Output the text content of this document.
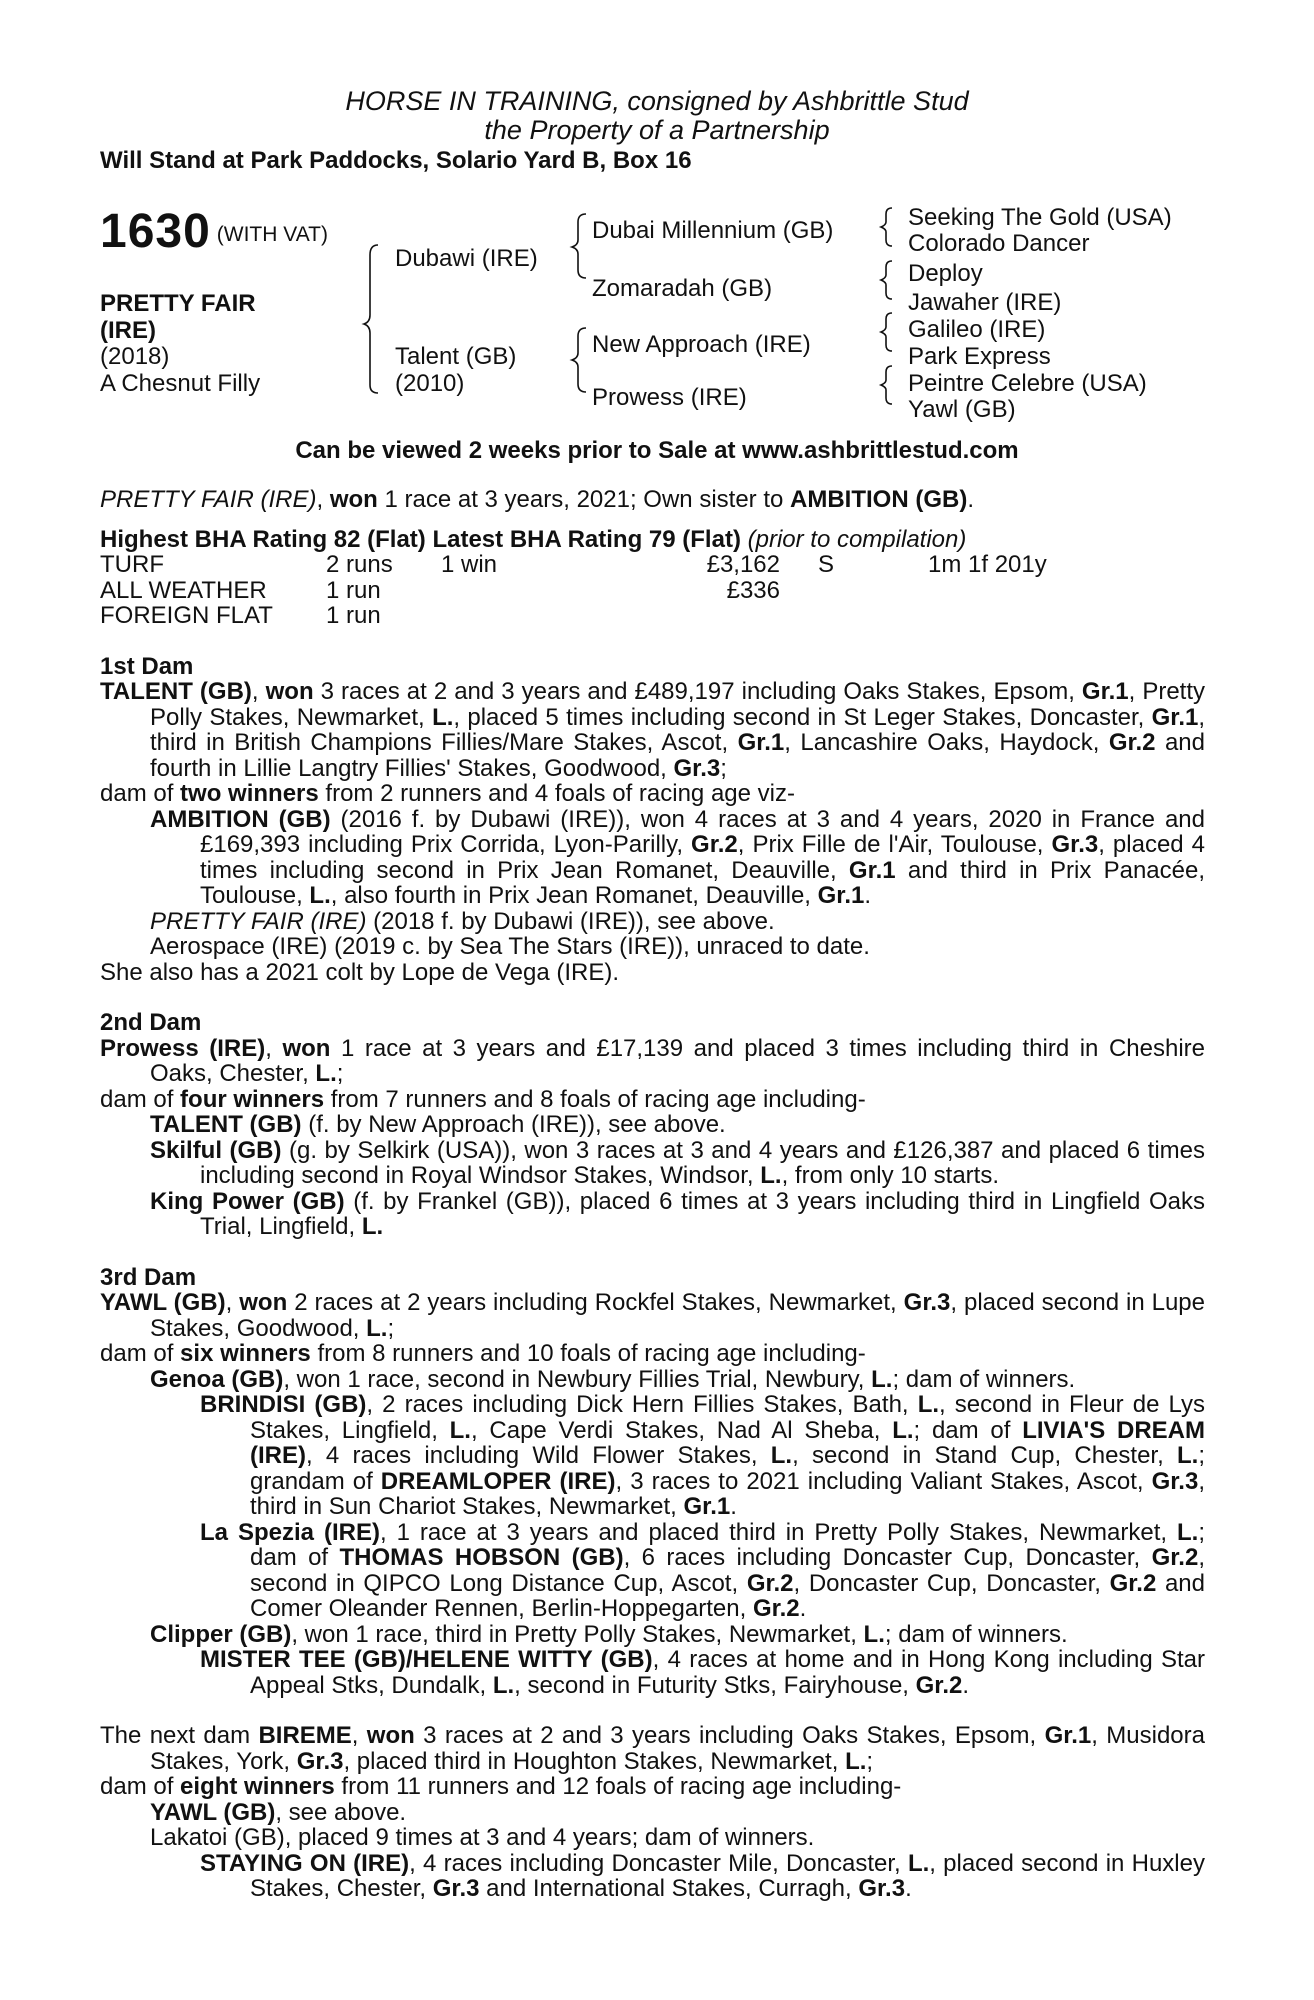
HORSE IN TRAINING, consigned by Ashbrittle Stud
the Property of a Partnership
Will Stand at Park Paddocks, Solario Yard B, Box 16
1630 (WITH VAT)
PRETTY FAIR
(IRE)
(2018)
A Chesnut Filly
Dubawi (IRE)
Talent (GB)
(2010)
Dubai Millennium (GB)
Zomaradah (GB)
New Approach (IRE)
Prowess (IRE)
Seeking The Gold (USA)
Colorado Dancer
Deploy
Jawaher (IRE)
Galileo (IRE)
Park Express
Peintre Celebre (USA)
Yawl (GB)
Can be viewed 2 weeks prior to Sale at www.ashbrittlestud.com

PRETTY FAIR (IRE), won 1 race at 3 years, 2021; Own sister to AMBITION (GB).

Highest BHA Rating 82 (Flat) Latest BHA Rating 79 (Flat) (prior to compilation)

TURF	2 runs	1 win	£3,162	S	1m 1f 201y
ALL WEATHER	1 run		£336		
FOREIGN FLAT	1 run				

1st Dam

TALENT (GB), won 3 races at 2 and 3 years and £489,197 including Oaks Stakes, Epsom, Gr.1, Pretty Polly Stakes, Newmarket, L., placed 5 times including second in St Leger Stakes, Doncaster, Gr.1, third in British Champions Fillies/Mare Stakes, Ascot, Gr.1, Lancashire Oaks, Haydock, Gr.2 and fourth in Lillie Langtry Fillies' Stakes, Goodwood, Gr.3;

dam of two winners from 2 runners and 4 foals of racing age viz-

AMBITION (GB) (2016 f. by Dubawi (IRE)), won 4 races at 3 and 4 years, 2020 in France and £169,393 including Prix Corrida, Lyon-Parilly, Gr.2, Prix Fille de l'Air, Toulouse, Gr.3, placed 4 times including second in Prix Jean Romanet, Deauville, Gr.1 and third in Prix Panacée, Toulouse, L., also fourth in Prix Jean Romanet, Deauville, Gr.1.

PRETTY FAIR (IRE) (2018 f. by Dubawi (IRE)), see above.

Aerospace (IRE) (2019 c. by Sea The Stars (IRE)), unraced to date.

She also has a 2021 colt by Lope de Vega (IRE).

2nd Dam

Prowess (IRE), won 1 race at 3 years and £17,139 and placed 3 times including third in Cheshire Oaks, Chester, L.;

dam of four winners from 7 runners and 8 foals of racing age including-

TALENT (GB) (f. by New Approach (IRE)), see above.

Skilful (GB) (g. by Selkirk (USA)), won 3 races at 3 and 4 years and £126,387 and placed 6 times including second in Royal Windsor Stakes, Windsor, L., from only 10 starts.

King Power (GB) (f. by Frankel (GB)), placed 6 times at 3 years including third in Lingfield Oaks Trial, Lingfield, L.

3rd Dam

YAWL (GB), won 2 races at 2 years including Rockfel Stakes, Newmarket, Gr.3, placed second in Lupe Stakes, Goodwood, L.;

dam of six winners from 8 runners and 10 foals of racing age including-

Genoa (GB), won 1 race, second in Newbury Fillies Trial, Newbury, L.; dam of winners.

BRINDISI (GB), 2 races including Dick Hern Fillies Stakes, Bath, L., second in Fleur de Lys Stakes, Lingfield, L., Cape Verdi Stakes, Nad Al Sheba, L.; dam of LIVIA'S DREAM (IRE), 4 races including Wild Flower Stakes, L., second in Stand Cup, Chester, L.; grandam of DREAMLOPER (IRE), 3 races to 2021 including Valiant Stakes, Ascot, Gr.3, third in Sun Chariot Stakes, Newmarket, Gr.1.

La Spezia (IRE), 1 race at 3 years and placed third in Pretty Polly Stakes, Newmarket, L.; dam of THOMAS HOBSON (GB), 6 races including Doncaster Cup, Doncaster, Gr.2, second in QIPCO Long Distance Cup, Ascot, Gr.2, Doncaster Cup, Doncaster, Gr.2 and Comer Oleander Rennen, Berlin-Hoppegarten, Gr.2.

Clipper (GB), won 1 race, third in Pretty Polly Stakes, Newmarket, L.; dam of winners.

MISTER TEE (GB)/HELENE WITTY (GB), 4 races at home and in Hong Kong including Star Appeal Stks, Dundalk, L., second in Futurity Stks, Fairyhouse, Gr.2.

The next dam BIREME, won 3 races at 2 and 3 years including Oaks Stakes, Epsom, Gr.1, Musidora Stakes, York, Gr.3, placed third in Houghton Stakes, Newmarket, L.;

dam of eight winners from 11 runners and 12 foals of racing age including-

YAWL (GB), see above.

Lakatoi (GB), placed 9 times at 3 and 4 years; dam of winners.

STAYING ON (IRE), 4 races including Doncaster Mile, Doncaster, L., placed second in Huxley Stakes, Chester, Gr.3 and International Stakes, Curragh, Gr.3.
